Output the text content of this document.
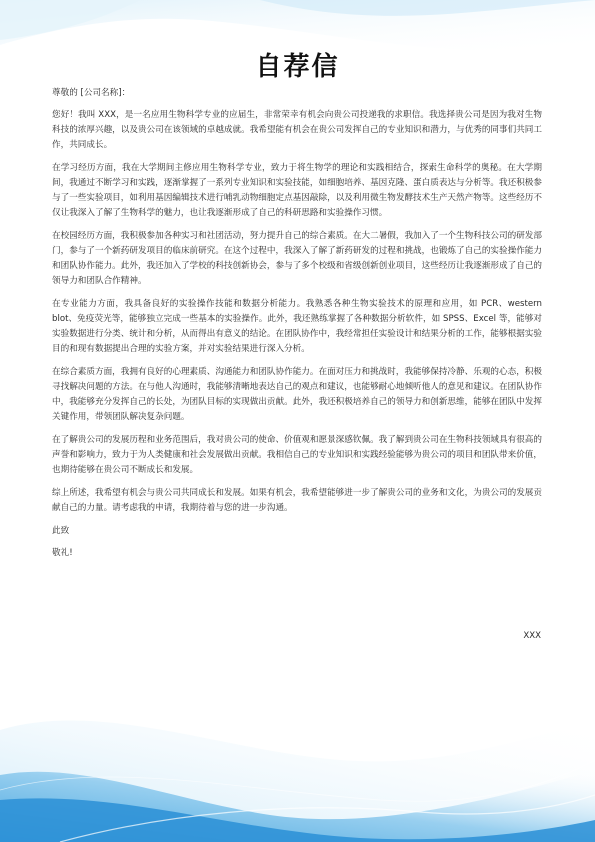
自荐信

尊敬的 [公司名称]：

您好！我叫 XXX，是一名应用生物科学专业的应届生，非常荣幸有机会向贵公司投递我的求职信。我选择贵公司是因为我对生物科技的浓厚兴趣，以及贵公司在该领域的卓越成就。我希望能有机会在贵公司发挥自己的专业知识和潜力，与优秀的同事们共同工作，共同成长。

在学习经历方面，我在大学期间主修应用生物科学专业，致力于将生物学的理论和实践相结合，探索生命科学的奥秘。在大学期间，我通过不断学习和实践，逐渐掌握了一系列专业知识和实验技能，如细胞培养、基因克隆、蛋白质表达与分析等。我还积极参与了一些实验项目，如利用基因编辑技术进行哺乳动物细胞定点基因敲除，以及利用微生物发酵技术生产天然产物等。这些经历不仅让我深入了解了生物科学的魅力，也让我逐渐形成了自己的科研思路和实验操作习惯。

在校园经历方面，我积极参加各种实习和社团活动，努力提升自己的综合素质。在大二暑假，我加入了一个生物科技公司的研发部门，参与了一个新药研发项目的临床前研究。在这个过程中，我深入了解了新药研发的过程和挑战，也锻炼了自己的实验操作能力和团队协作能力。此外，我还加入了学校的科技创新协会，参与了多个校级和省级创新创业项目，这些经历让我逐渐形成了自己的领导力和团队合作精神。

在专业能力方面，我具备良好的实验操作技能和数据分析能力。我熟悉各种生物实验技术的原理和应用，如 PCR、western blot、免疫荧光等，能够独立完成一些基本的实验操作。此外，我还熟练掌握了各种数据分析软件，如 SPSS、Excel 等，能够对实验数据进行分类、统计和分析，从而得出有意义的结论。在团队协作中，我经常担任实验设计和结果分析的工作，能够根据实验目的和现有数据提出合理的实验方案，并对实验结果进行深入分析。

在综合素质方面，我拥有良好的心理素质、沟通能力和团队协作能力。在面对压力和挑战时，我能够保持冷静、乐观的心态，积极寻找解决问题的方法。在与他人沟通时，我能够清晰地表达自己的观点和建议，也能够耐心地倾听他人的意见和建议。在团队协作中，我能够充分发挥自己的长处，为团队目标的实现做出贡献。此外，我还积极培养自己的领导力和创新思维，能够在团队中发挥关键作用，带领团队解决复杂问题。

在了解贵公司的发展历程和业务范围后，我对贵公司的使命、价值观和愿景深感钦佩。我了解到贵公司在生物科技领域具有很高的声誉和影响力，致力于为人类健康和社会发展做出贡献。我相信自己的专业知识和实践经验能够为贵公司的项目和团队带来价值，也期待能够在贵公司不断成长和发展。

综上所述，我希望有机会与贵公司共同成长和发展。如果有机会，我希望能够进一步了解贵公司的业务和文化，为贵公司的发展贡献自己的力量。请考虑我的申请，我期待着与您的进一步沟通。

此致

敬礼!

XXX
